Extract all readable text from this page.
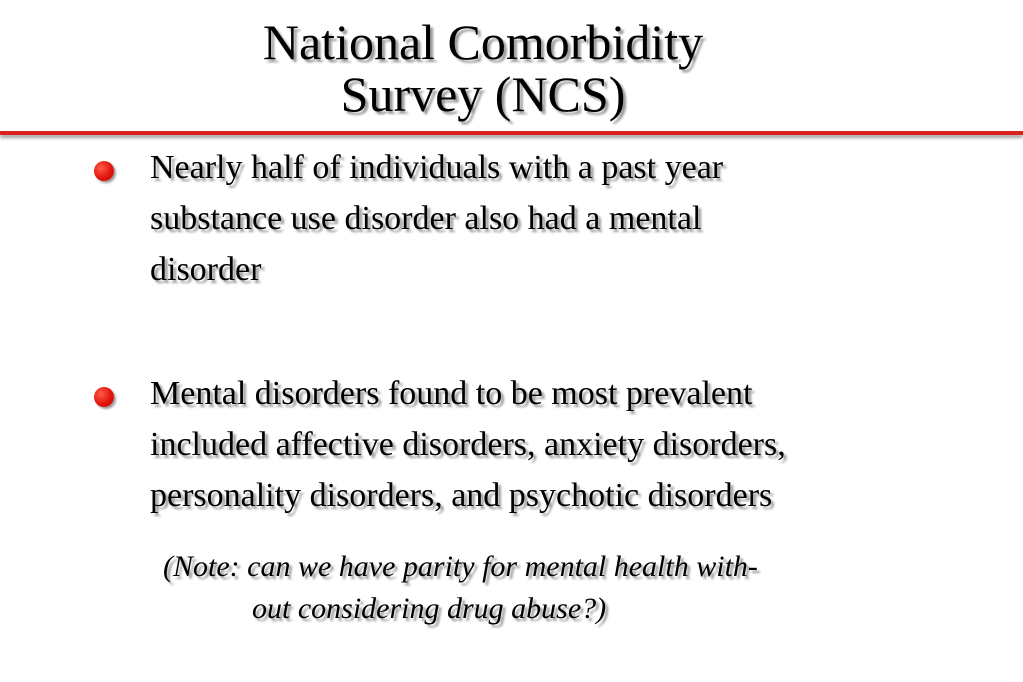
National Comorbidity
Survey (NCS)
Nearly half of individuals with a past year
substance use disorder also had a mental
disorder
Mental disorders found to be most prevalent
included affective disorders, anxiety disorders,
personality disorders, and psychotic disorders
(Note: can we have parity for mental health with-
out considering drug abuse?)
